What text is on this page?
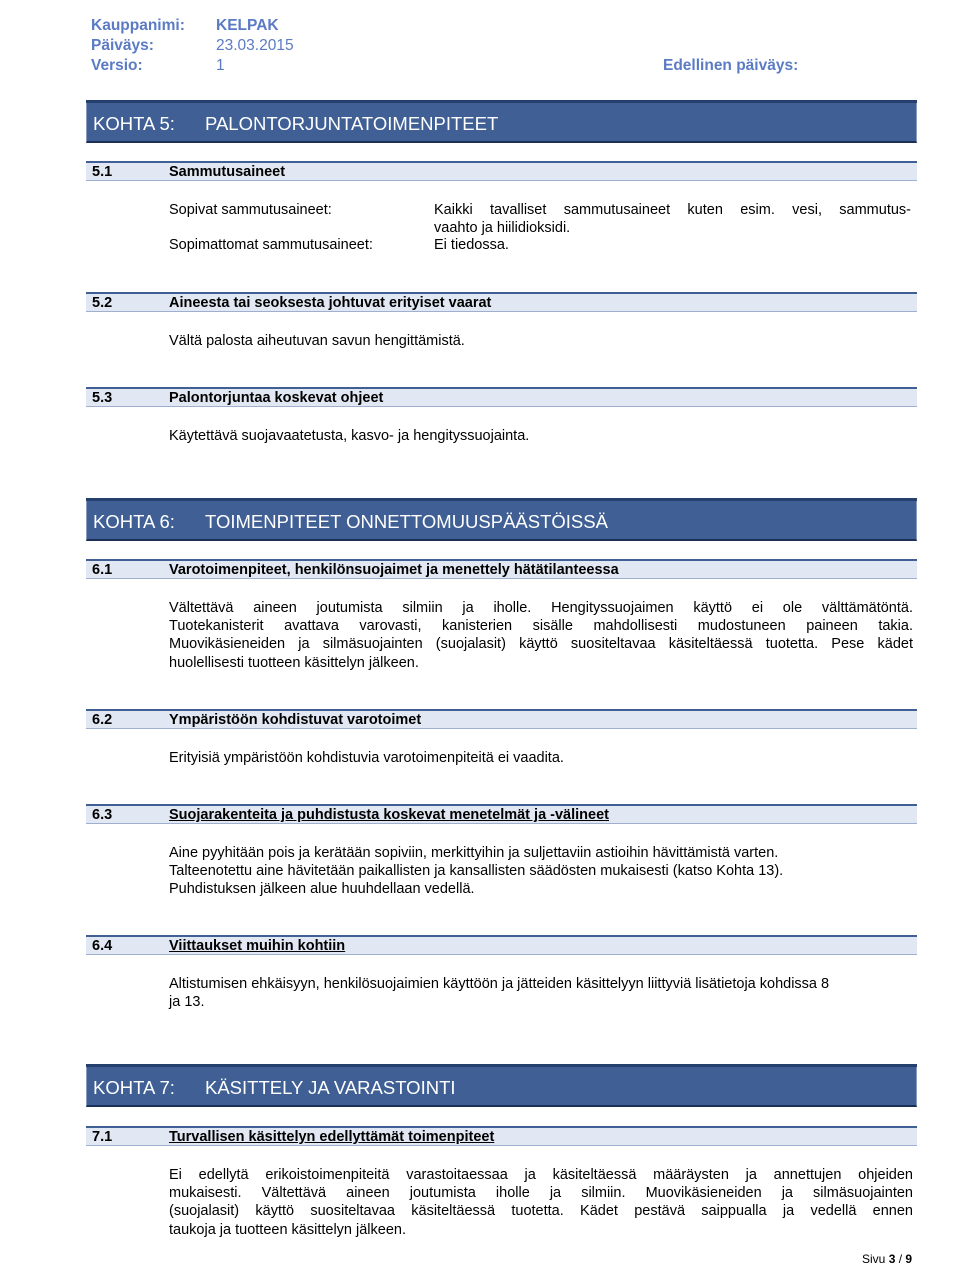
Kauppanimi: KELPAK
Päiväys:	23.03.2015
Versio:	1	Edellinen päiväys:
KOHTA 5: PALONTORJUNTATOIMENPITEET
5.1	Sammutusaineet
Sopivat sammutusaineet:	Kaikki tavalliset sammutusaineet kuten esim. vesi, sammutus-
vaahto ja hiilidioksidi.
Sopimattomat sammutusaineet:	Ei tiedossa.
5.2	Aineesta tai seoksesta johtuvat erityiset vaarat
Vältä palosta aiheutuvan savun hengittämistä.
5.3	Palontorjuntaa koskevat ohjeet
Käytettävä suojavaatetusta, kasvo- ja hengityssuojainta.
KOHTA 6: TOIMENPITEET ONNETTOMUUSPÄÄSTÖISSÄ
6.1	Varotoimenpiteet, henkilönsuojaimet ja menettely hätätilanteessa
Vältettävä aineen joutumista silmiin ja iholle. Hengityssuojaimen käyttö ei ole välttämätöntä.
Tuotekanisterit avattava varovasti, kanisterien sisälle mahdollisesti mudostuneen paineen takia.
Muovikäsieneiden ja silmäsuojainten (suojalasit) käyttö suositeltavaa käsiteltäessä tuotetta. Pese kädet
huolellisesti tuotteen käsittelyn jälkeen.
6.2	Ympäristöön kohdistuvat varotoimet
Erityisiä ympäristöön kohdistuvia varotoimenpiteitä ei vaadita.
6.3	Suojarakenteita ja puhdistusta koskevat menetelmät ja -välineet
Aine pyyhitään pois ja kerätään sopiviin, merkittyihin ja suljettaviin astioihin hävittämistä varten.
Talteenotettu aine hävitetään paikallisten ja kansallisten säädösten mukaisesti (katso Kohta 13).
Puhdistuksen jälkeen alue huuhdellaan vedellä.
6.4	Viittaukset muihin kohtiin
Altistumisen ehkäisyyn, henkilösuojaimien käyttöön ja jätteiden käsittelyyn liittyviä lisätietoja kohdissa 8
ja 13.
KOHTA 7: KÄSITTELY JA VARASTOINTI
7.1	Turvallisen käsittelyn edellyttämät toimenpiteet
Ei edellytä erikoistoimenpiteitä varastoitaessaa ja käsiteltäessä määräysten ja annettujen ohjeiden
mukaisesti. Vältettävä aineen joutumista iholle ja silmiin. Muovikäsieneiden ja silmäsuojainten
(suojalasit) käyttö suositeltavaa käsiteltäessä tuotetta. Kädet pestävä saippualla ja vedellä ennen
taukoja ja tuotteen käsittelyn jälkeen.
Sivu 3 / 9
